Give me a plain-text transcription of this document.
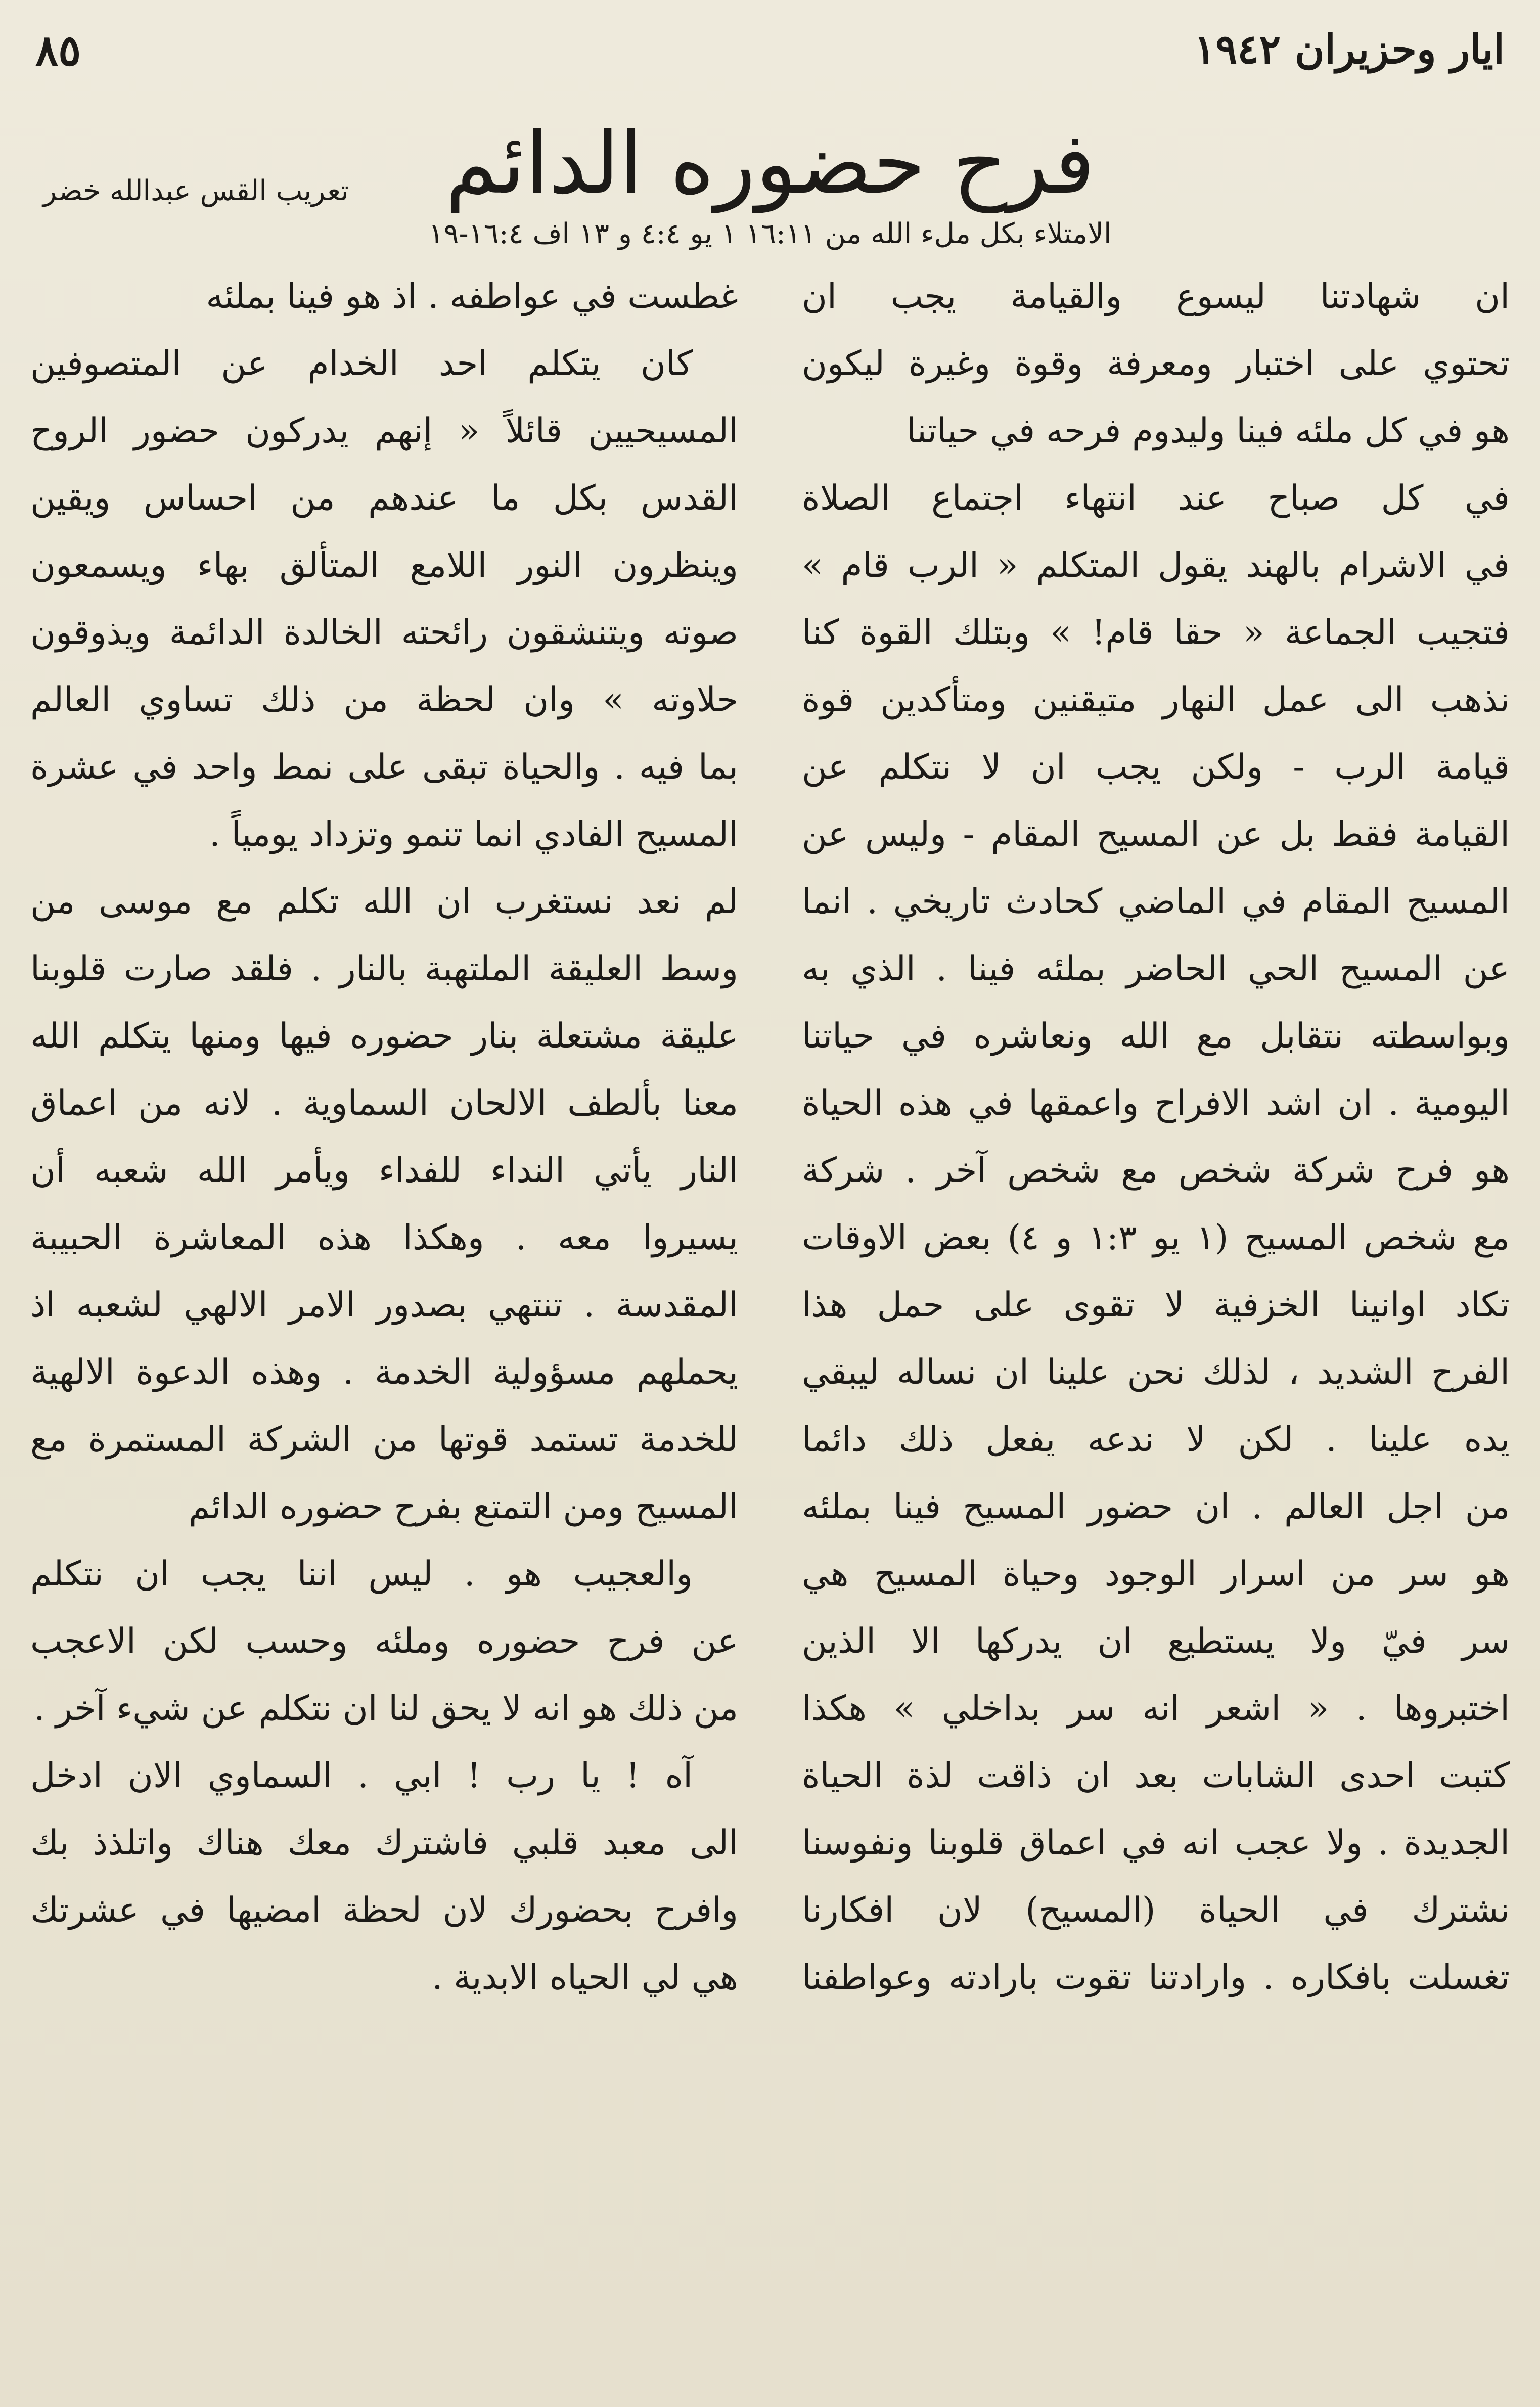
ايار وحزيران ١٩٤٢
٨٥
فرح حضوره الدائم
تعريب القس عبدالله خضر
الامتلاء بكل ملء الله من ١٦:١١ ١ يو ٤:٤ و ١٣ اف ١٦:٤-١٩
ان شهادتنا ليسوع والقيامة يجب ان
تحتوي على اختبار ومعرفة وقوة وغيرة ليكون
هو في كل ملئه فينا وليدوم فرحه في حياتنا
في كل صباح عند انتهاء اجتماع الصلاة
في الاشرام بالهند يقول المتكلم « الرب قام »
فتجيب الجماعة « حقا قام! » وبتلك القوة كنا
نذهب الى عمل النهار متيقنين ومتأكدين قوة
قيامة الرب - ولكن يجب ان لا نتكلم عن
القيامة فقط بل عن المسيح المقام - وليس عن
المسيح المقام في الماضي كحادث تاريخي . انما
عن المسيح الحي الحاضر بملئه فينا . الذي به
وبواسطته نتقابل مع الله ونعاشره في حياتنا
اليومية . ان اشد الافراح واعمقها في هذه الحياة
هو فرح شركة شخص مع شخص آخر . شركة
مع شخص المسيح (١ يو ١:٣ و ٤) بعض الاوقات
تكاد اوانينا الخزفية لا تقوى على حمل هذا
الفرح الشديد ، لذلك نحن علينا ان نساله ليبقي
يده علينا . لكن لا ندعه يفعل ذلك دائما
من اجل العالم . ان حضور المسيح فينا بملئه
هو سر من اسرار الوجود وحياة المسيح هي
سر فيّ ولا يستطيع ان يدركها الا الذين
اختبروها . « اشعر انه سر بداخلي » هكذا
كتبت احدى الشابات بعد ان ذاقت لذة الحياة
الجديدة . ولا عجب انه في اعماق قلوبنا ونفوسنا
نشترك في الحياة (المسيح) لان افكارنا
تغسلت بافكاره . وارادتنا تقوت بارادته وعواطفنا
غطست في عواطفه . اذ هو فينا بملئه
كان يتكلم احد الخدام عن المتصوفين
المسيحيين قائلاً « إنهم يدركون حضور الروح
القدس بكل ما عندهم من احساس ويقين
وينظرون النور اللامع المتألق بهاء ويسمعون
صوته ويتنشقون رائحته الخالدة الدائمة ويذوقون
حلاوته » وان لحظة من ذلك تساوي العالم
بما فيه . والحياة تبقى على نمط واحد في عشرة
المسيح الفادي انما تنمو وتزداد يومياً .
لم نعد نستغرب ان الله تكلم مع موسى من
وسط العليقة الملتهبة بالنار . فلقد صارت قلوبنا
عليقة مشتعلة بنار حضوره فيها ومنها يتكلم الله
معنا بألطف الالحان السماوية . لانه من اعماق
النار يأتي النداء للفداء ويأمر الله شعبه أن
يسيروا معه . وهكذا هذه المعاشرة الحبيبة
المقدسة . تنتهي بصدور الامر الالهي لشعبه اذ
يحملهم مسؤولية الخدمة . وهذه الدعوة الالهية
للخدمة تستمد قوتها من الشركة المستمرة مع
المسيح ومن التمتع بفرح حضوره الدائم
والعجيب هو . ليس اننا يجب ان نتكلم
عن فرح حضوره وملئه وحسب لكن الاعجب
من ذلك هو انه لا يحق لنا ان نتكلم عن شيء آخر .
آه ! يا رب ! ابي . السماوي الان ادخل
الى معبد قلبي فاشترك معك هناك واتلذذ بك
وافرح بحضورك لان لحظة امضيها في عشرتك
هي لي الحياه الابدية .
